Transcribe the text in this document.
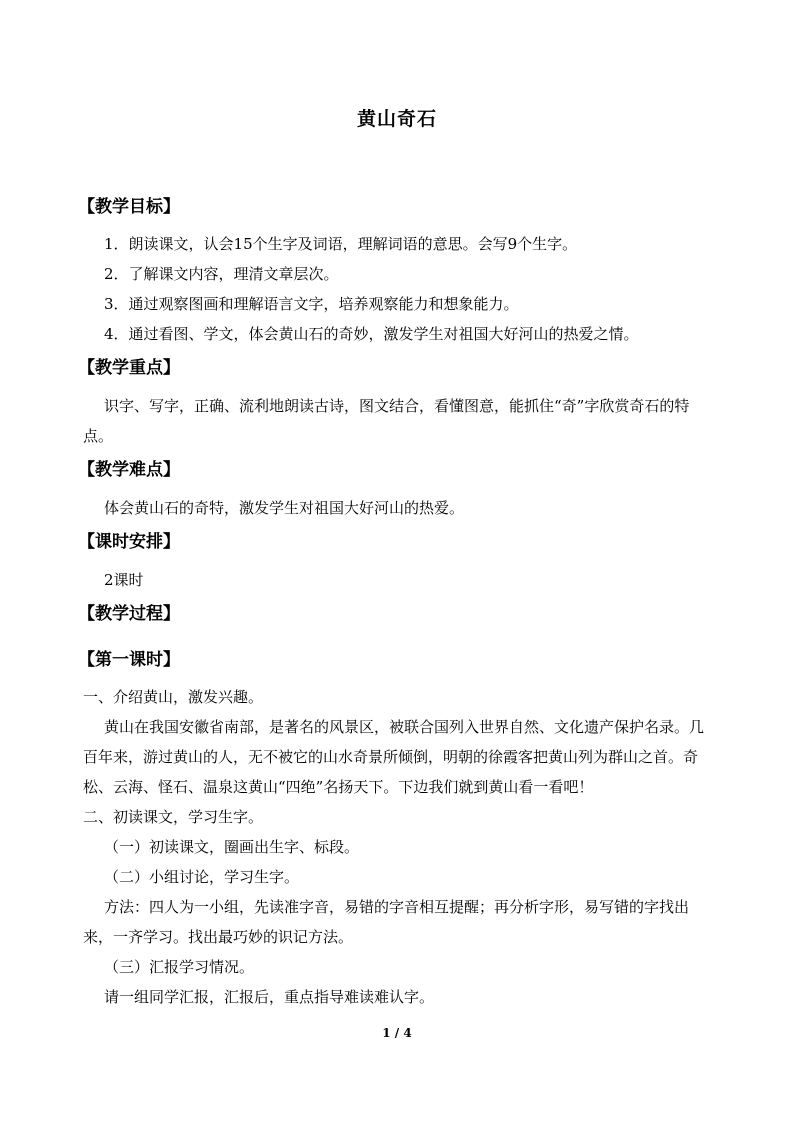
黄山奇石
【教学目标】

1．朗读课文，认会15个生字及词语，理解词语的意思。会写9个生字。

2．了解课文内容，理清文章层次。

3．通过观察图画和理解语言文字，培养观察能力和想象能力。

4．通过看图、学文，体会黄山石的奇妙，激发学生对祖国大好河山的热爱之情。

【教学重点】

识字、写字，正确、流利地朗读古诗，图文结合，看懂图意，能抓住“奇”字欣赏奇石的特点。

【教学难点】

体会黄山石的奇特，激发学生对祖国大好河山的热爱。

【课时安排】

2课时

【教学过程】
【第一课时】

一、介绍黄山，激发兴趣。

黄山在我国安徽省南部，是著名的风景区，被联合国列入世界自然、文化遗产保护名录。几百年来，游过黄山的人，无不被它的山水奇景所倾倒，明朝的徐霞客把黄山列为群山之首。奇松、云海、怪石、温泉这黄山“四绝”名扬天下。下边我们就到黄山看一看吧！

二、初读课文，学习生字。

（一）初读课文，圈画出生字、标段。

（二）小组讨论，学习生字。

方法：四人为一小组，先读准字音，易错的字音相互提醒；再分析字形，易写错的字找出来，一齐学习。找出最巧妙的识记方法。

（三）汇报学习情况。

请一组同学汇报，汇报后，重点指导难读难认字。

1 / 4
